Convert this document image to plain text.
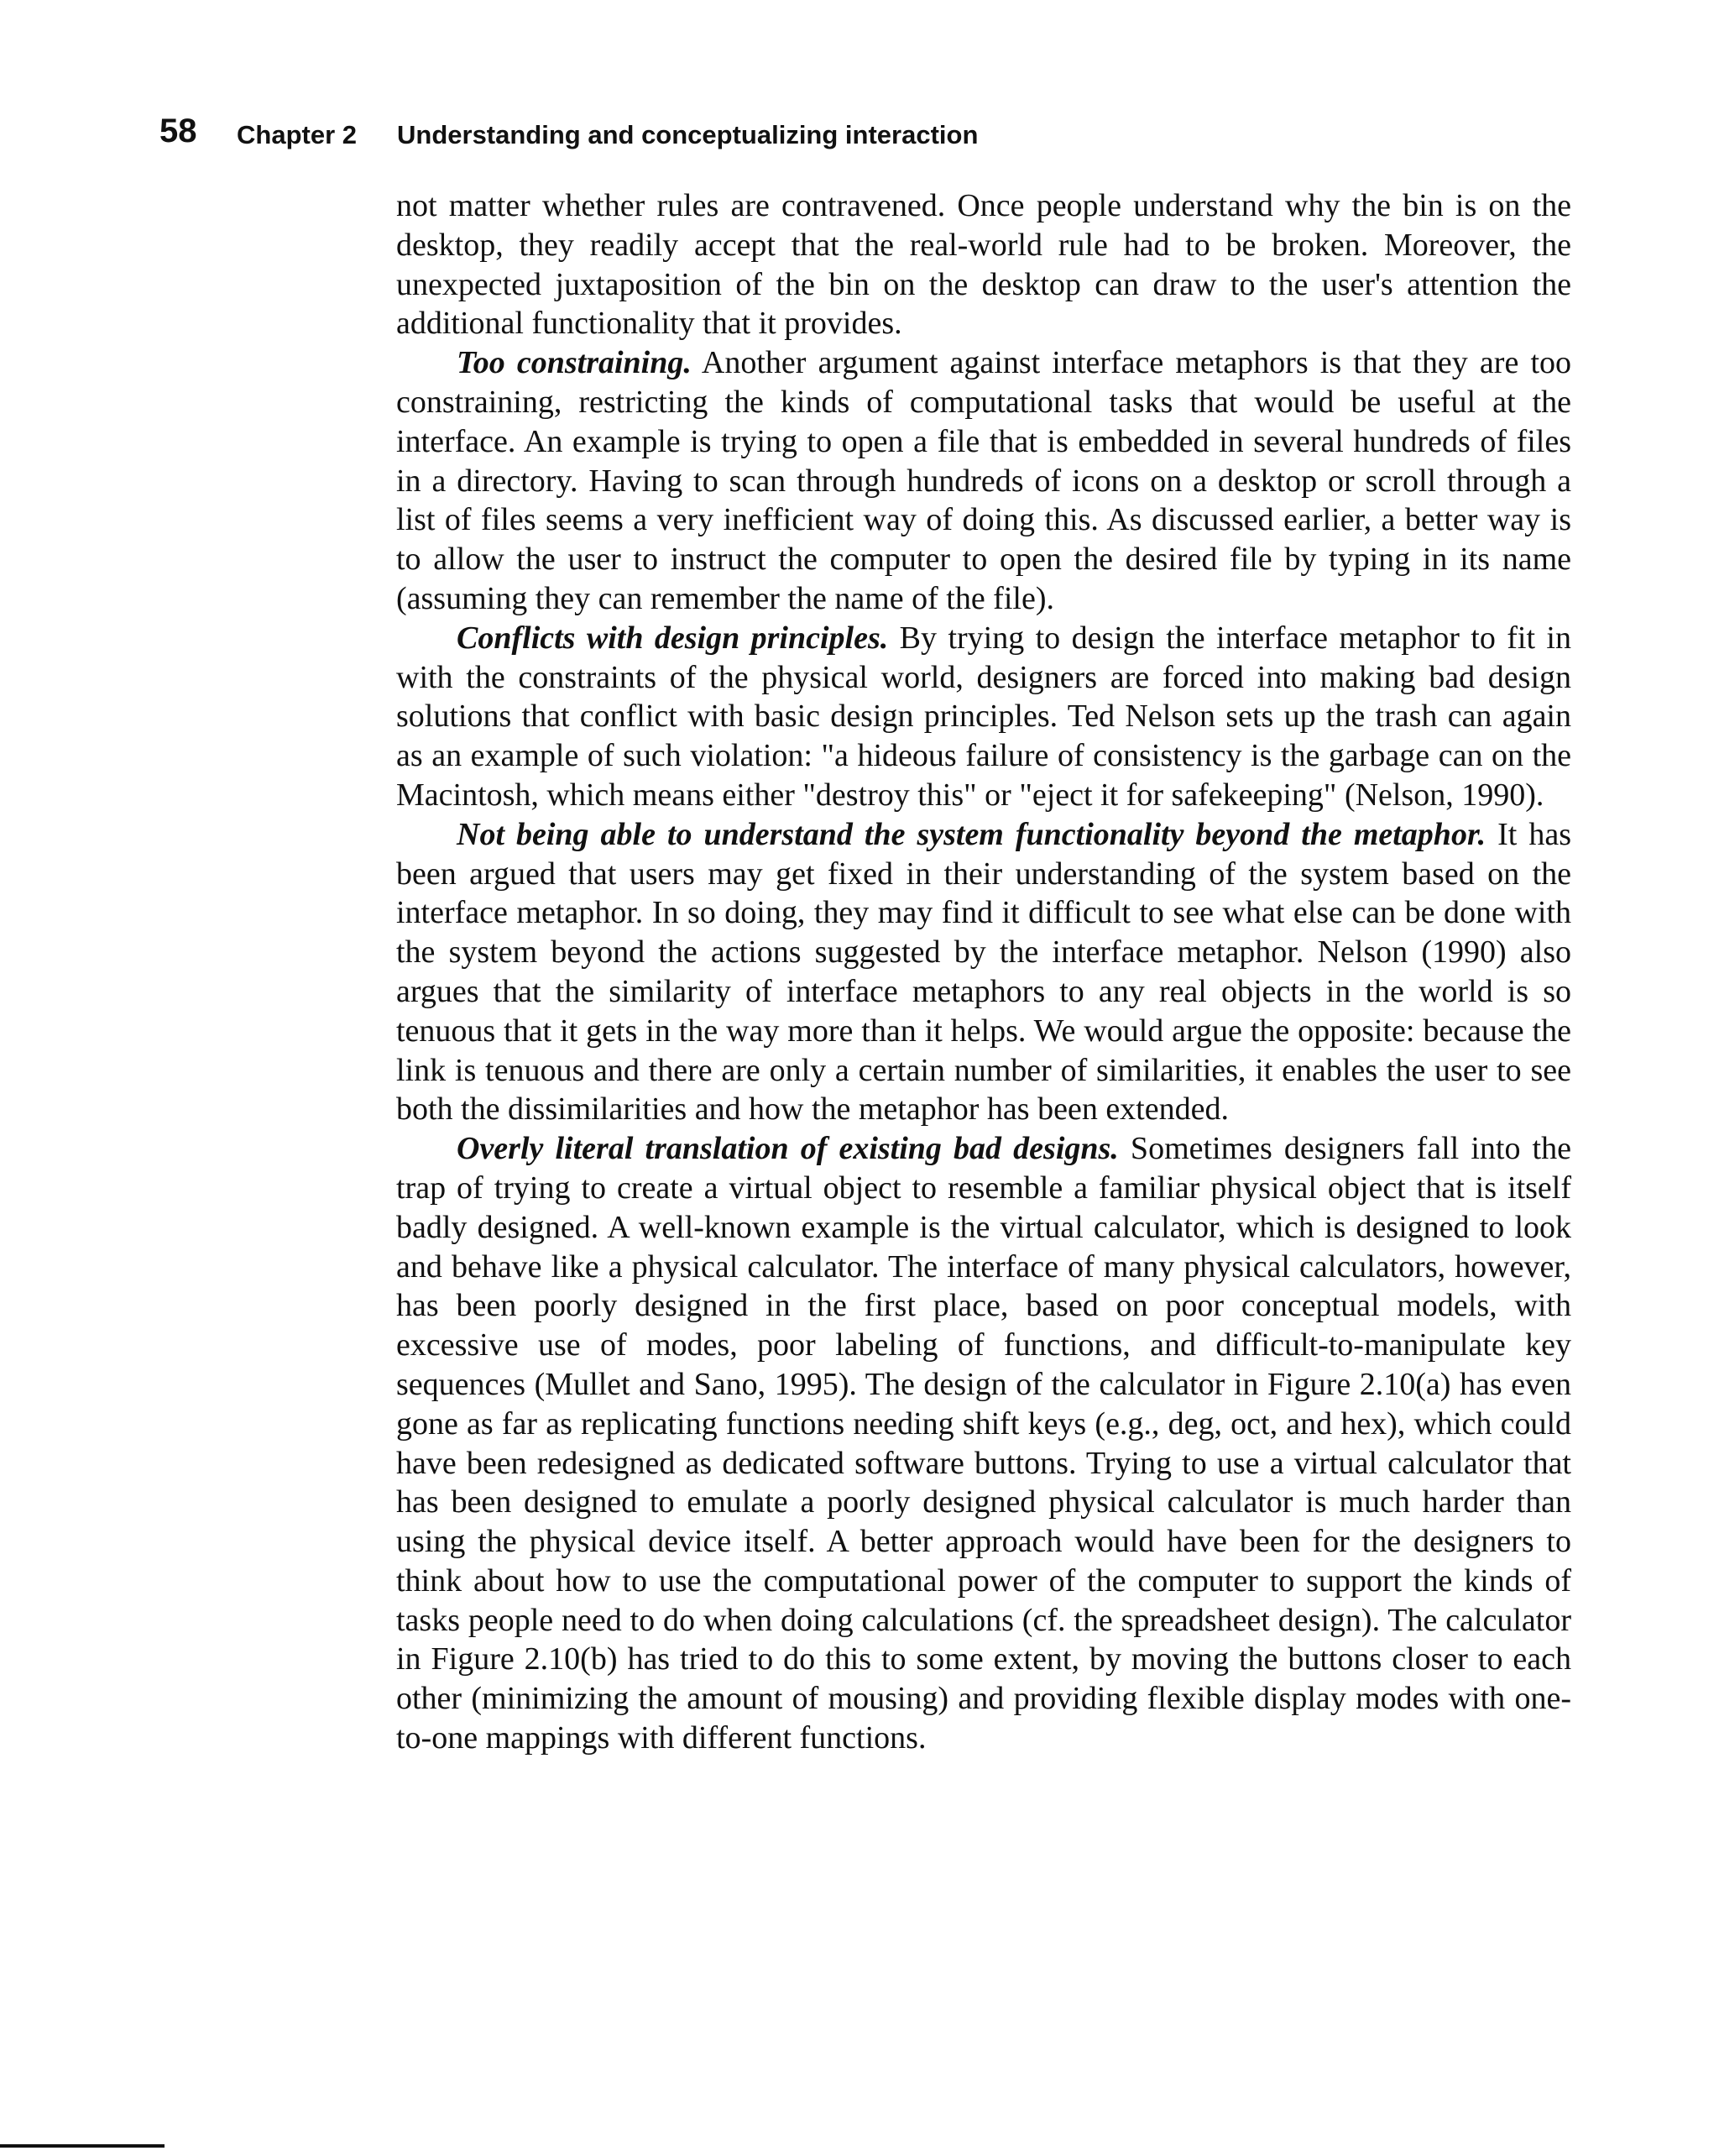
58 Chapter 2 Understanding and conceptualizing interaction

not matter whether rules are contravened. Once people understand why the bin is on the desktop, they readily accept that the real-world rule had to be broken. Moreover, the unexpected juxtaposition of the bin on the desktop can draw to the user's attention the additional functionality that it provides.

Too constraining. Another argument against interface metaphors is that they are too constraining, restricting the kinds of computational tasks that would be useful at the interface. An example is trying to open a file that is embedded in several hundreds of files in a directory. Having to scan through hundreds of icons on a desktop or scroll through a list of files seems a very inefficient way of doing this. As discussed earlier, a better way is to allow the user to instruct the computer to open the desired file by typing in its name (assuming they can remember the name of the file).

Conflicts with design principles. By trying to design the interface metaphor to fit in with the constraints of the physical world, designers are forced into making bad design solutions that conflict with basic design principles. Ted Nelson sets up the trash can again as an example of such violation: "a hideous failure of consistency is the garbage can on the Macintosh, which means either "destroy this" or "eject it for safekeeping" (Nelson, 1990).

Not being able to understand the system functionality beyond the metaphor. It has been argued that users may get fixed in their understanding of the system based on the interface metaphor. In so doing, they may find it difficult to see what else can be done with the system beyond the actions suggested by the interface metaphor. Nelson (1990) also argues that the similarity of interface metaphors to any real objects in the world is so tenuous that it gets in the way more than it helps. We would argue the opposite: because the link is tenuous and there are only a certain number of similarities, it enables the user to see both the dissimilarities and how the metaphor has been extended.

Overly literal translation of existing bad designs. Sometimes designers fall into the trap of trying to create a virtual object to resemble a familiar physical object that is itself badly designed. A well-known example is the virtual calculator, which is designed to look and behave like a physical calculator. The interface of many physical calculators, however, has been poorly designed in the first place, based on poor conceptual models, with excessive use of modes, poor labeling of functions, and difficult-to-manipulate key sequences (Mullet and Sano, 1995). The design of the calculator in Figure 2.10(a) has even gone as far as replicating functions needing shift keys (e.g., deg, oct, and hex), which could have been redesigned as dedicated software buttons. Trying to use a virtual calculator that has been designed to emulate a poorly designed physical calculator is much harder than using the physical device itself. A better approach would have been for the designers to think about how to use the computational power of the computer to support the kinds of tasks people need to do when doing calculations (cf. the spreadsheet design). The calculator in Figure 2.10(b) has tried to do this to some extent, by moving the buttons closer to each other (minimizing the amount of mousing) and providing flexible display modes with one-to-one mappings with different functions.
